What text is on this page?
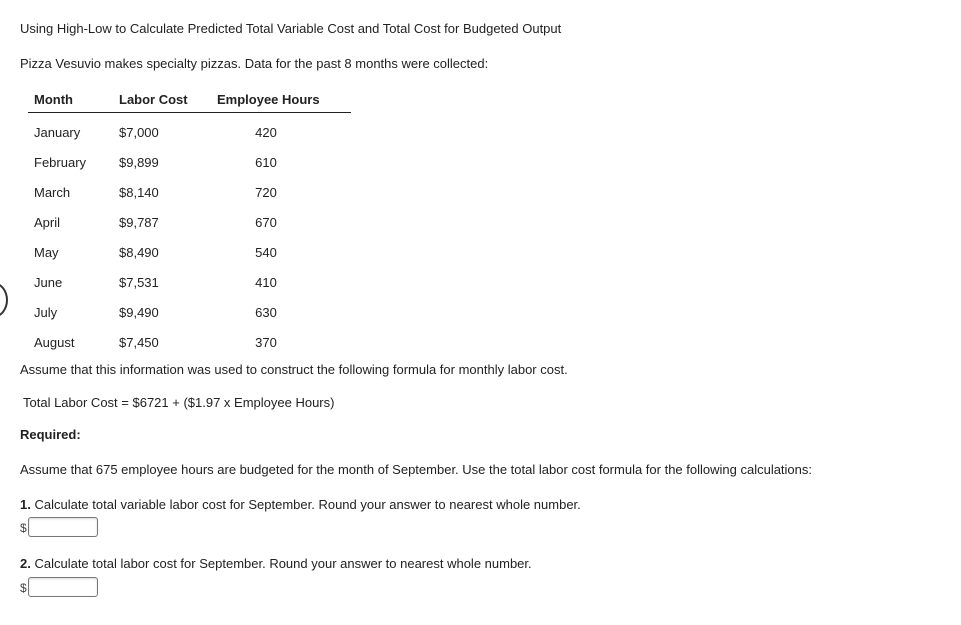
Using High-Low to Calculate Predicted Total Variable Cost and Total Cost for Budgeted Output
Pizza Vesuvio makes specialty pizzas. Data for the past 8 months were collected:
Month	Labor Cost	Employee Hours
January	$7,000	420
February	$9,899	610
March	$8,140	720
April	$9,787	670
May	$8,490	540
June	$7,531	410
July	$9,490	630
August	$7,450	370
Assume that this information was used to construct the following formula for monthly labor cost.
Total Labor Cost = $6721 + ($1.97 x Employee Hours)
Required:
Assume that 675 employee hours are budgeted for the month of September. Use the total labor cost formula for the following calculations:
1. Calculate total variable labor cost for September. Round your answer to nearest whole number.
$
2. Calculate total labor cost for September. Round your answer to nearest whole number.
$
